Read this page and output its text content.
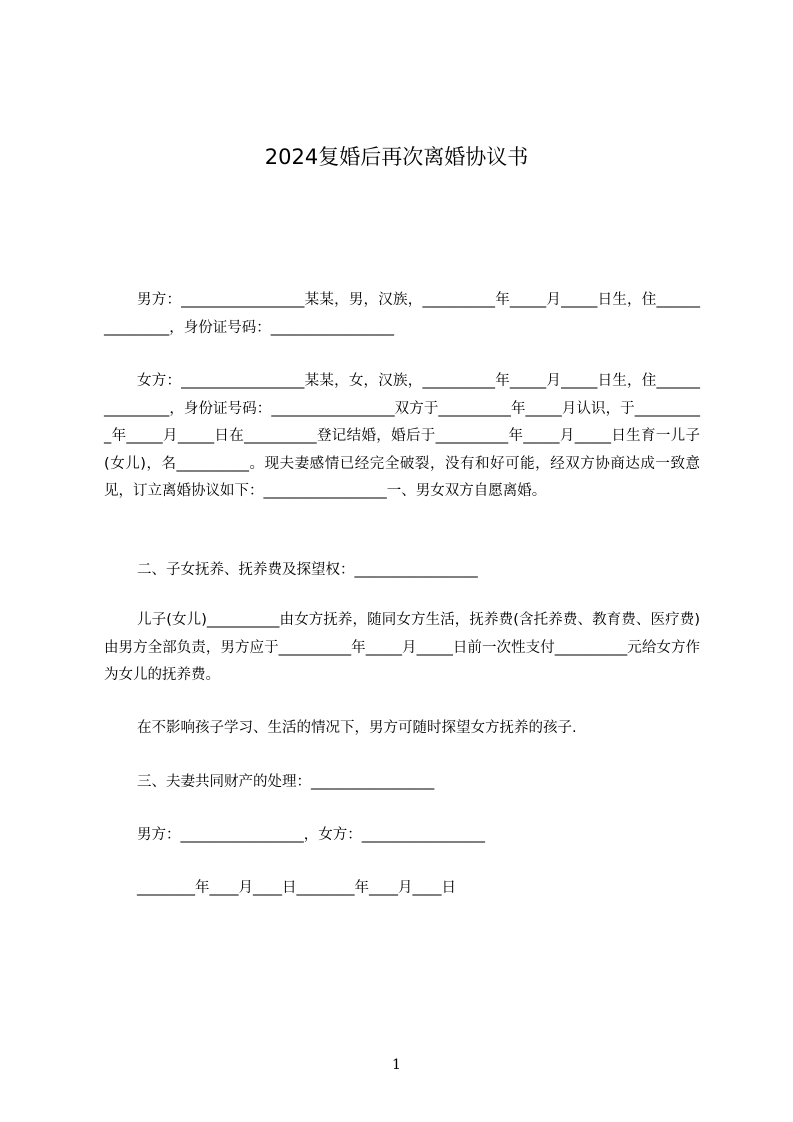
2024复婚后再次离婚协议书

男方：_________________某某，男，汉族，__________年_____月_____日生，住_______________，身份证号码：_________________

女方：_________________某某，女，汉族，__________年_____月_____日生，住_______________，身份证号码：_________________双方于__________年_____月认识，于__________年_____月_____日在__________登记结婚，婚后于__________年_____月_____日生育一儿子(女儿)，名__________。现夫妻感情已经完全破裂，没有和好可能，经双方协商达成一致意见，订立离婚协议如下：_________________一、男女双方自愿离婚。

二、子女抚养、抚养费及探望权：_________________

儿子(女儿)__________由女方抚养，随同女方生活，抚养费(含托养费、教育费、医疗费)由男方全部负责，男方应于__________年_____月_____日前一次性支付__________元给女方作为女儿的抚养费。

在不影响孩子学习、生活的情况下，男方可随时探望女方抚养的孩子.

三、夫妻共同财产的处理：_________________

男方：_________________，女方：_________________

________年____月____日________年____月____日

1
